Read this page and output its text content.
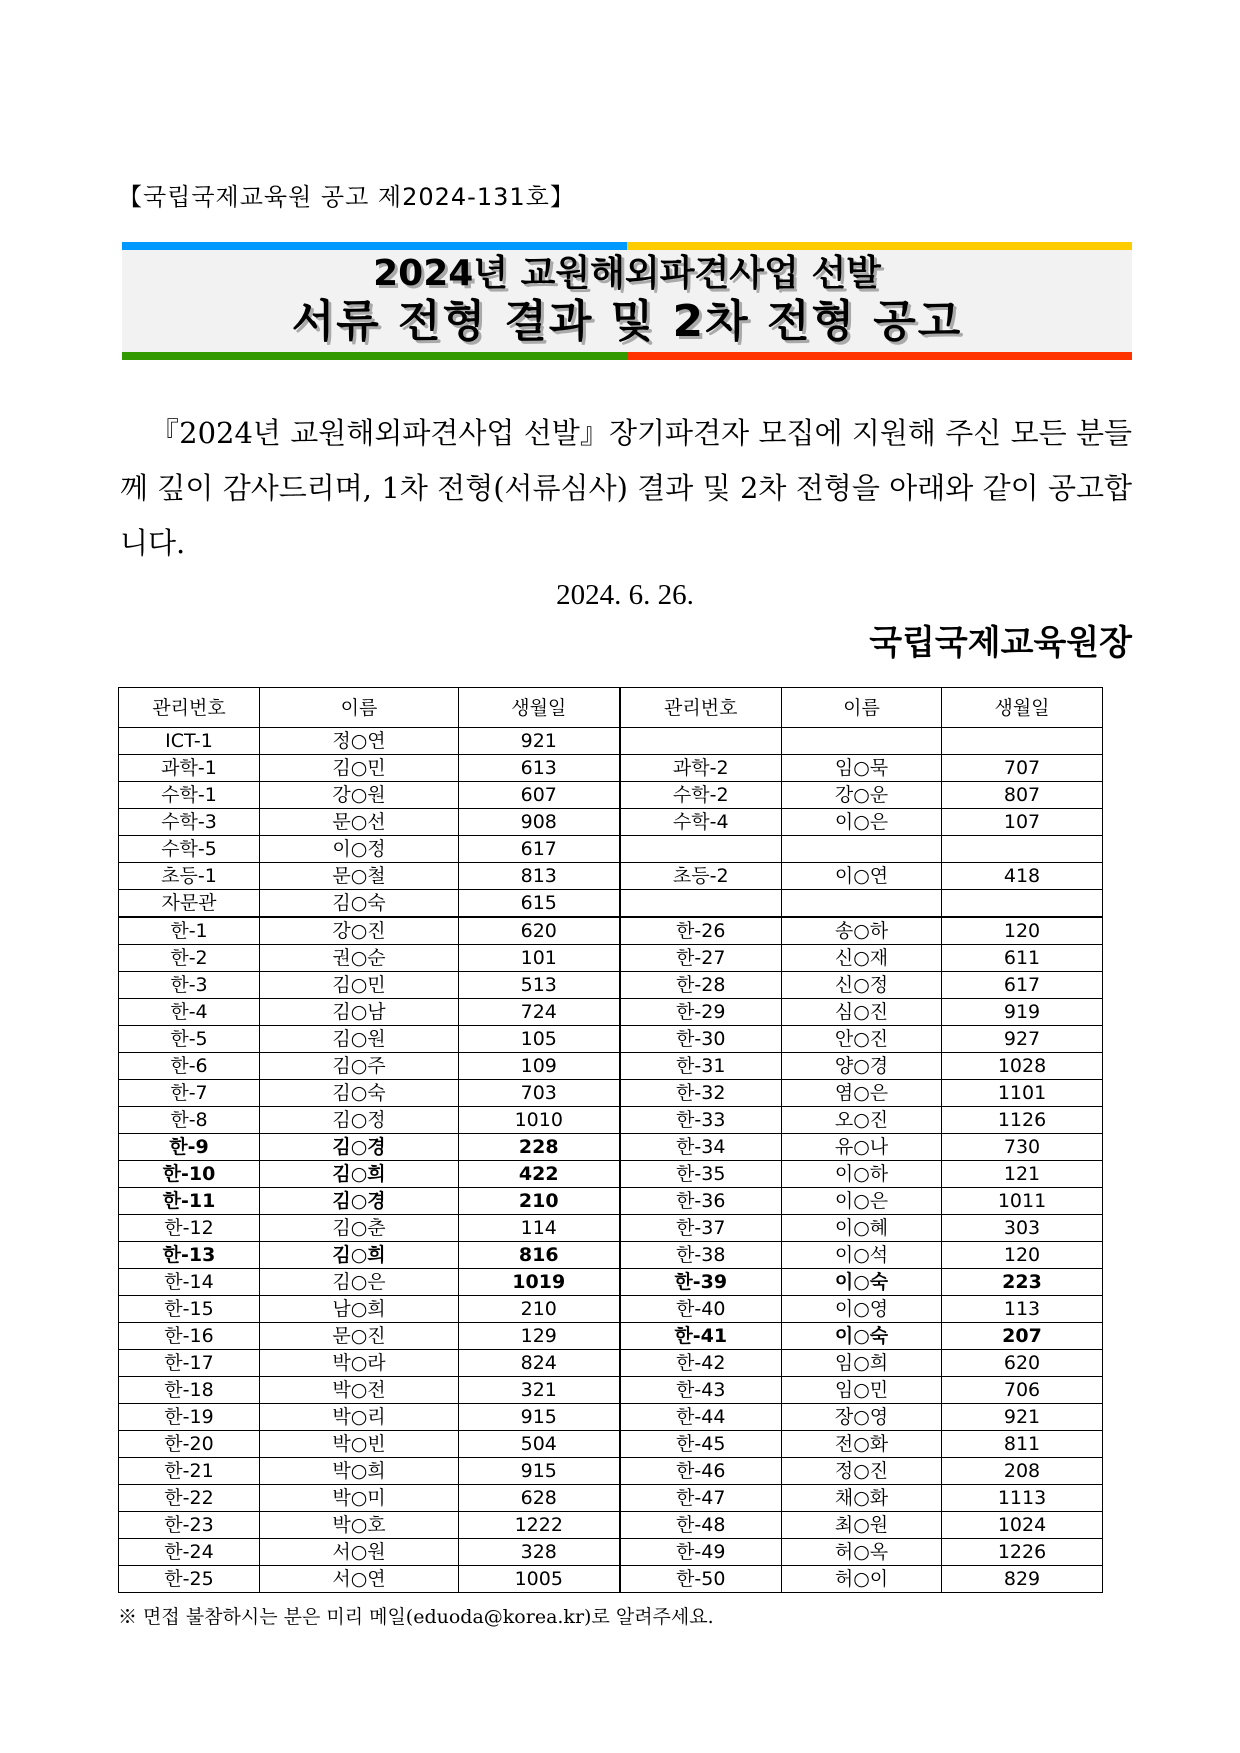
【국립국제교육원 공고 제2024-131호】
2024년 교원해외파견사업 선발
서류 전형 결과 및 2차 전형 공고
『2024년 교원해외파견사업 선발』장기파견자 모집에 지원해 주신 모든 분들께 깊이 감사드리며, 1차 전형(서류심사) 결과 및 2차 전형을 아래와 같이 공고합니다.
2024. 6. 26.
국립국제교육원장
관리번호	이름	생월일	관리번호	이름	생월일
ICT-1	정○연	921			
과학-1	김○민	613	과학-2	임○묵	707
수학-1	강○원	607	수학-2	강○운	807
수학-3	문○선	908	수학-4	이○은	107
수학-5	이○정	617			
초등-1	문○철	813	초등-2	이○연	418
자문관	김○숙	615			
한-1	강○진	620	한-26	송○하	120
한-2	권○순	101	한-27	신○재	611
한-3	김○민	513	한-28	신○정	617
한-4	김○남	724	한-29	심○진	919
한-5	김○원	105	한-30	안○진	927
한-6	김○주	109	한-31	양○경	1028
한-7	김○숙	703	한-32	염○은	1101
한-8	김○정	1010	한-33	오○진	1126
한-9	김○경	228	한-34	유○나	730
한-10	김○희	422	한-35	이○하	121
한-11	김○경	210	한-36	이○은	1011
한-12	김○춘	114	한-37	이○혜	303
한-13	김○희	816	한-38	이○석	120
한-14	김○은	1019	한-39	이○숙	223
한-15	남○희	210	한-40	이○영	113
한-16	문○진	129	한-41	이○숙	207
한-17	박○라	824	한-42	임○희	620
한-18	박○전	321	한-43	임○민	706
한-19	박○리	915	한-44	장○영	921
한-20	박○빈	504	한-45	전○화	811
한-21	박○희	915	한-46	정○진	208
한-22	박○미	628	한-47	채○화	1113
한-23	박○호	1222	한-48	최○원	1024
한-24	서○원	328	한-49	허○옥	1226
한-25	서○연	1005	한-50	허○이	829
※ 면접 불참하시는 분은 미리 메일(eduoda@korea.kr)로 알려주세요.
